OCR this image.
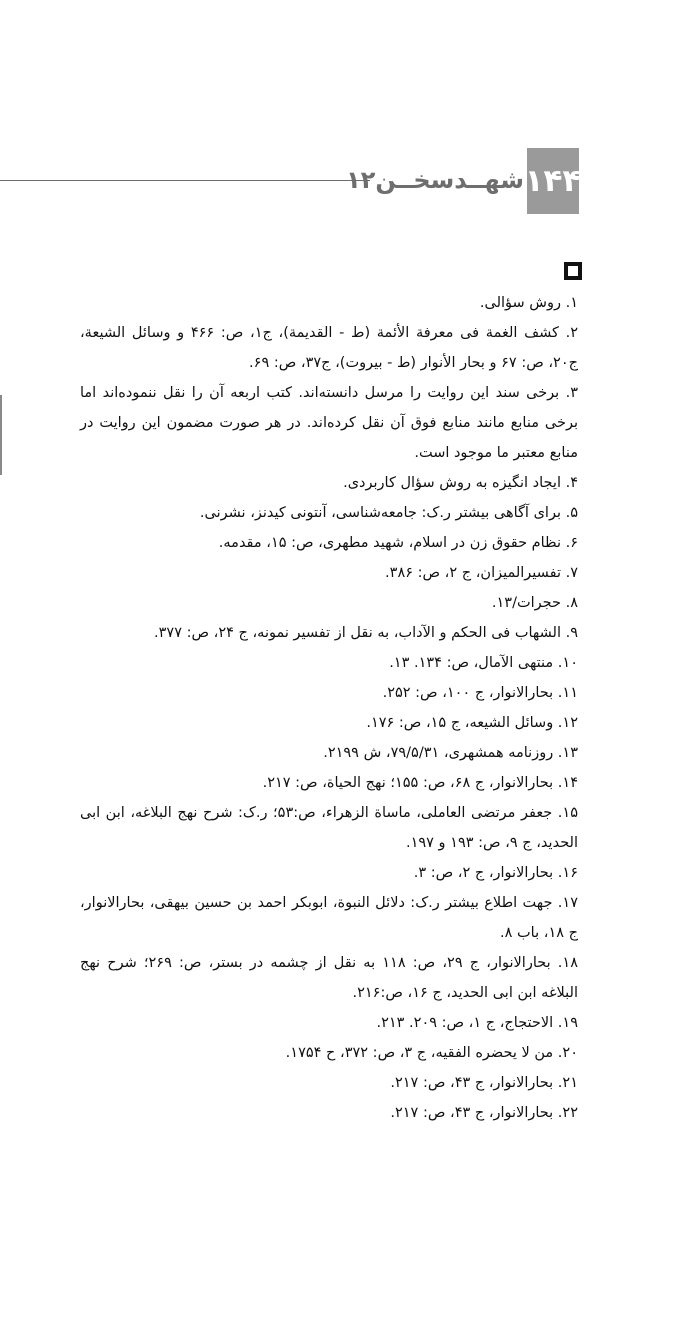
شهــدسخــن۱۲ ۱۴۴
۱. روش سؤالی.
۲. کشف الغمة فی معرفة الأئمة (ط - القدیمة)، ج۱، ص: ۴۶۶ و وسائل الشیعة، ج۲۰، ص: ۶۷ و بحار الأنوار (ط - بیروت)، ج۳۷، ص: ۶۹.
۳. برخی سند این روایت را مرسل دانسته‌اند. کتب اربعه آن را نقل ننموده‌اند اما برخی منابع مانند منابع فوق آن نقل کرده‌اند. در هر صورت مضمون این روایت در منابع معتبر ما موجود است.
۴. ایجاد انگیزه به روش سؤال کاربردی.
۵. برای آگاهی بیشتر ر.ک: جامعه‌شناسی، آنتونی کیدنز، نشرنی.
۶. نظام حقوق زن در اسلام، شهید مطهری، ص: ۱۵، مقدمه.
۷. تفسیرالمیزان، ج ۲، ص: ۳۸۶.
۸. حجرات/۱۳.
۹. الشهاب فی الحکم و الآداب، به نقل از تفسیر نمونه، ج ۲۴، ص: ۳۷۷.
۱۰. منتهی الآمال، ص: ۱۳۴. ۱۳.
۱۱. بحارالانوار، ج ۱۰۰، ص: ۲۵۲.
۱۲. وسائل الشیعه، ج ۱۵، ص: ۱۷۶.
۱۳. روزنامه همشهری، ۷۹/۵/۳۱، ش ۲۱۹۹.
۱۴. بحارالانوار، ج ۶۸، ص: ۱۵۵؛ نهج الحیاة، ص: ۲۱۷.
۱۵. جعفر مرتضی العاملی، ماساة الزهراء، ص:۵۳؛ ر.ک: شرح نهج البلاغه، ابن ابی الحدید، ج ۹، ص: ۱۹۳ و ۱۹۷.
۱۶. بحارالانوار، ج ۲، ص: ۳.
۱۷. جهت اطلاع بیشتر ر.ک: دلائل النبوة، ابوبکر احمد بن حسین بیهقی، بحارالانوار، ج ۱۸، باب ۸.
۱۸. بحارالانوار، ج ۲۹، ص: ۱۱۸ به نقل از چشمه در بستر، ص: ۲۶۹؛ شرح نهج البلاغه ابن ابی الحدید، ج ۱۶، ص:۲۱۶.
۱۹. الاحتجاج، ج ۱، ص: ۲۰۹. ۲۱۳.
۲۰. من لا یحضره الفقیه، ج ۳، ص: ۳۷۲، ح ۱۷۵۴.
۲۱. بحارالانوار، ج ۴۳، ص: ۲۱۷.
۲۲. بحارالانوار، ج ۴۳، ص: ۲۱۷.
